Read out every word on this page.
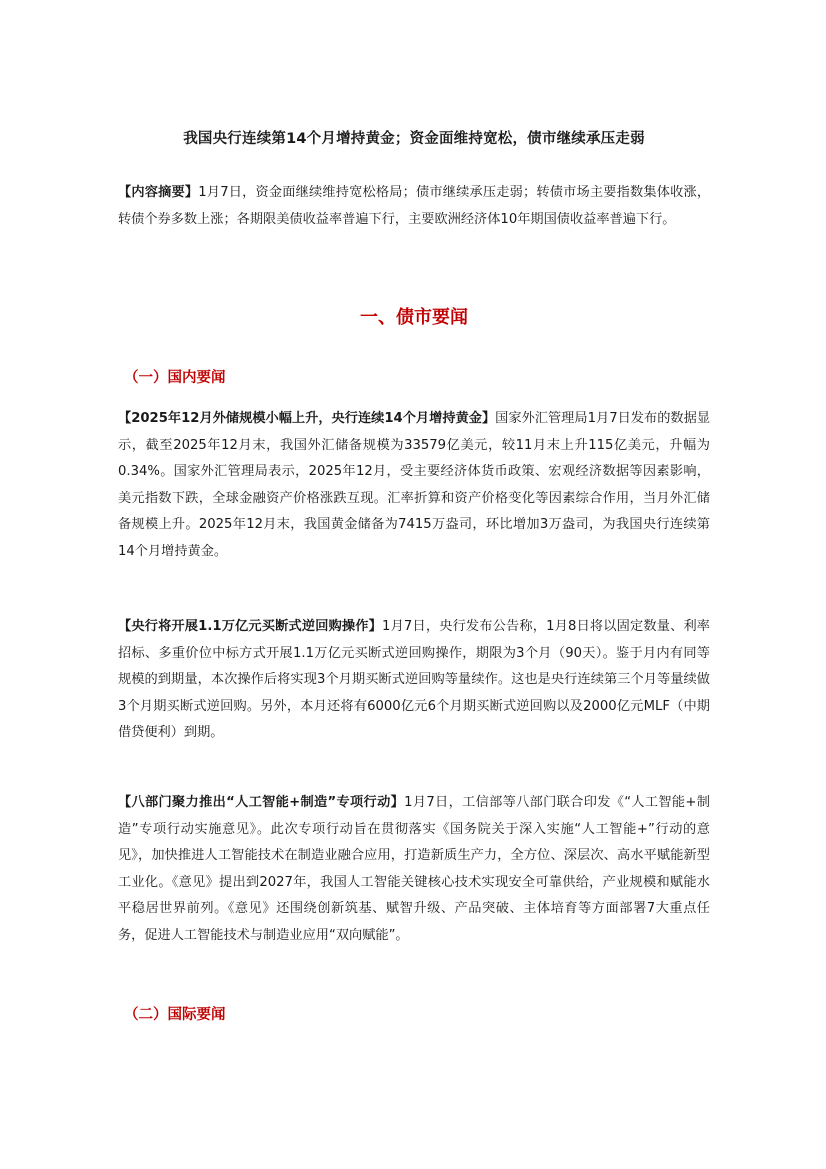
我国央行连续第14个月增持黄金；资金面维持宽松，债市继续承压走弱
【内容摘要】1月7日，资金面继续维持宽松格局；债市继续承压走弱；转债市场主要指数集体收涨，转债个券多数上涨；各期限美债收益率普遍下行，主要欧洲经济体10年期国债收益率普遍下行。
一、债市要闻
（一）国内要闻
【2025年12月外储规模小幅上升，央行连续14个月增持黄金】国家外汇管理局1月7日发布的数据显示，截至2025年12月末，我国外汇储备规模为33579亿美元，较11月末上升115亿美元，升幅为0.34%。国家外汇管理局表示，2025年12月，受主要经济体货币政策、宏观经济数据等因素影响，美元指数下跌，全球金融资产价格涨跌互现。汇率折算和资产价格变化等因素综合作用，当月外汇储备规模上升。2025年12月末，我国黄金储备为7415万盎司，环比增加3万盎司，为我国央行连续第14个月增持黄金。
【央行将开展1.1万亿元买断式逆回购操作】1月7日，央行发布公告称，1月8日将以固定数量、利率招标、多重价位中标方式开展1.1万亿元买断式逆回购操作，期限为3个月（90天）。鉴于月内有同等规模的到期量，本次操作后将实现3个月期买断式逆回购等量续作。这也是央行连续第三个月等量续做3个月期买断式逆回购。另外，本月还将有6000亿元6个月期买断式逆回购以及2000亿元MLF（中期借贷便利）到期。
【八部门聚力推出“人工智能+制造”专项行动】1月7日，工信部等八部门联合印发《“人工智能+制造”专项行动实施意见》。此次专项行动旨在贯彻落实《国务院关于深入实施“人工智能+”行动的意见》，加快推进人工智能技术在制造业融合应用，打造新质生产力，全方位、深层次、高水平赋能新型工业化。《意见》提出到2027年，我国人工智能关键核心技术实现安全可靠供给，产业规模和赋能水平稳居世界前列。《意见》还围绕创新筑基、赋智升级、产品突破、主体培育等方面部署7大重点任务，促进人工智能技术与制造业应用“双向赋能”。
（二）国际要闻
